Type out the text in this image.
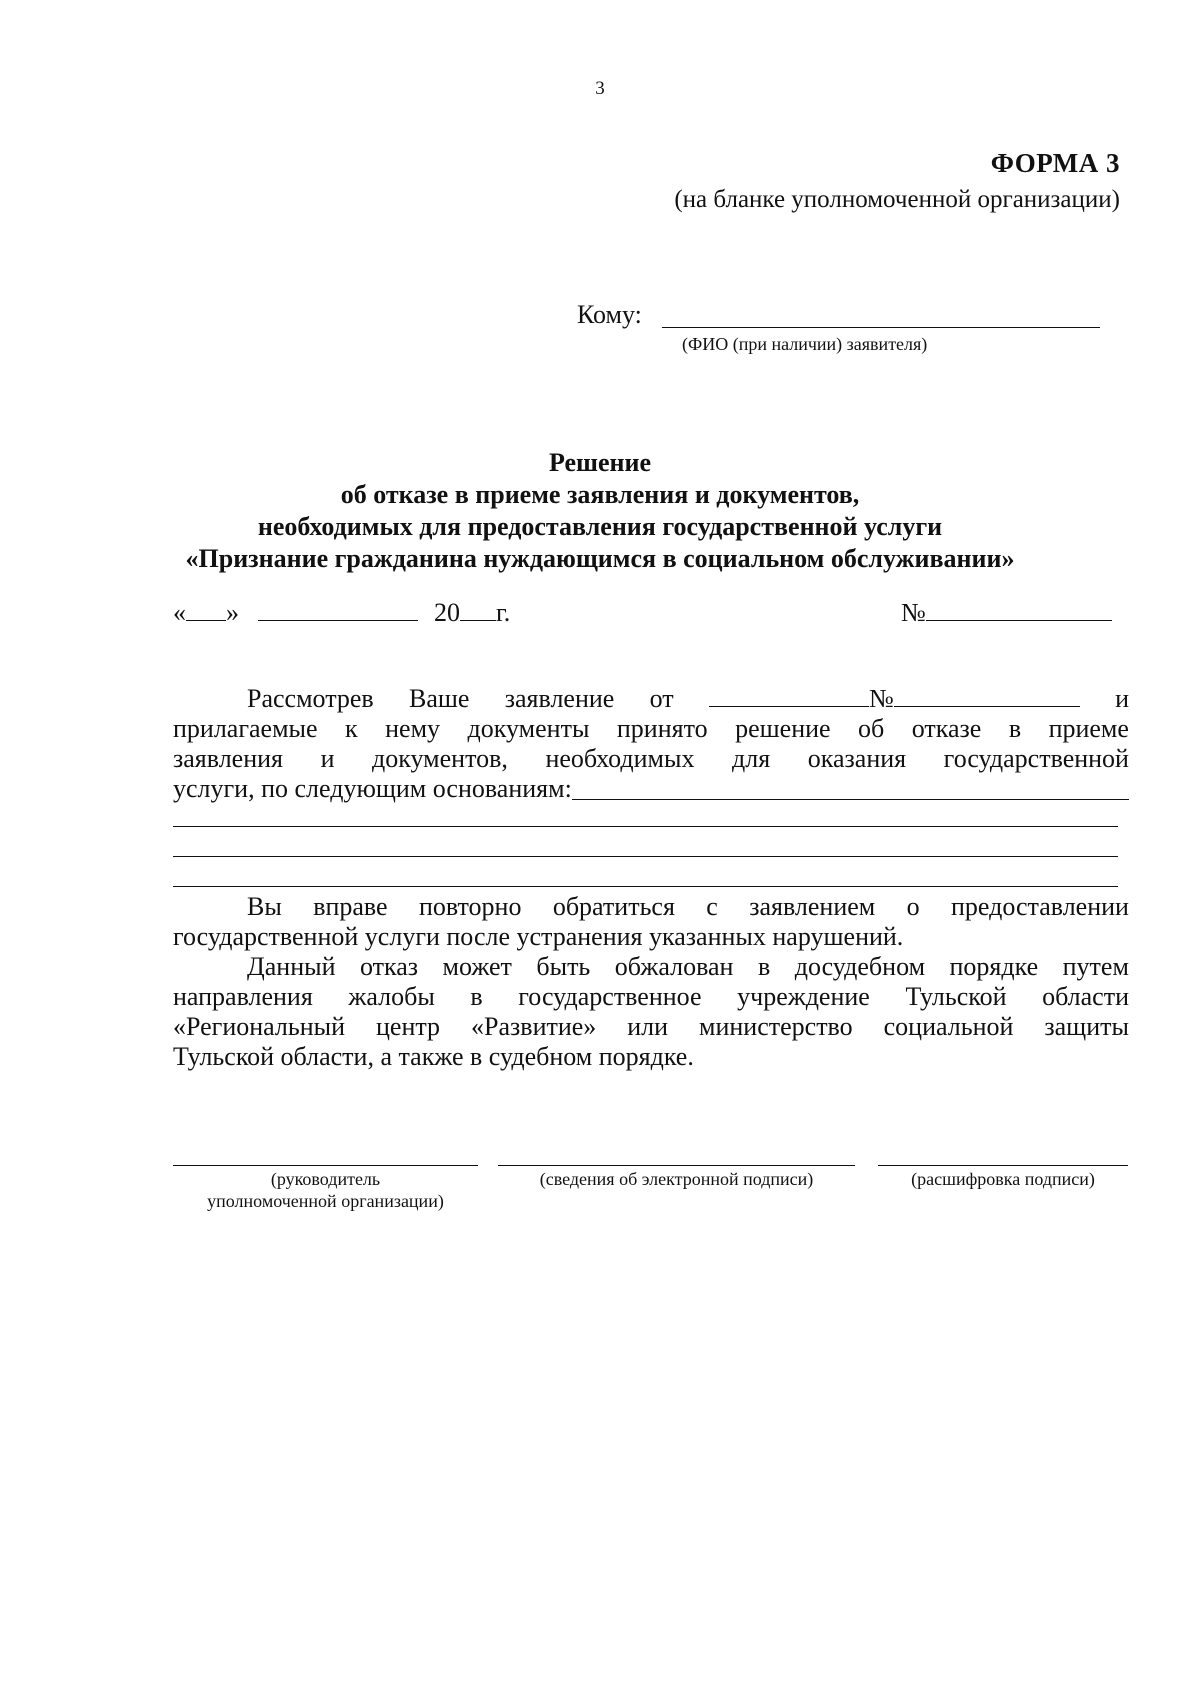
3
ФОРМА 3
(на бланке уполномоченной организации)
Кому:
(ФИО (при наличии) заявителя)
Решение
об отказе в приеме заявления и документов,
необходимых для предоставления государственной услуги
«Признание гражданина нуждающимся в социальном обслуживании»
« »	20 г.	№
Рассмотрев Ваше заявление от	№	и
прилагаемые к нему документы принято решение об отказе в приеме
заявления и документов, необходимых для оказания государственной
услуги, по следующим основаниям:
Вы вправе повторно обратиться с заявлением о предоставлении
государственной услуги после устранения указанных нарушений.
Данный отказ может быть обжалован в досудебном порядке путем
направления жалобы в государственное учреждение Тульской области
«Региональный центр «Развитие» или министерство социальной защиты
Тульской области, а также в судебном порядке.
(руководитель
уполномоченной организации)
(сведения об электронной подписи)	(расшифровка подписи)
